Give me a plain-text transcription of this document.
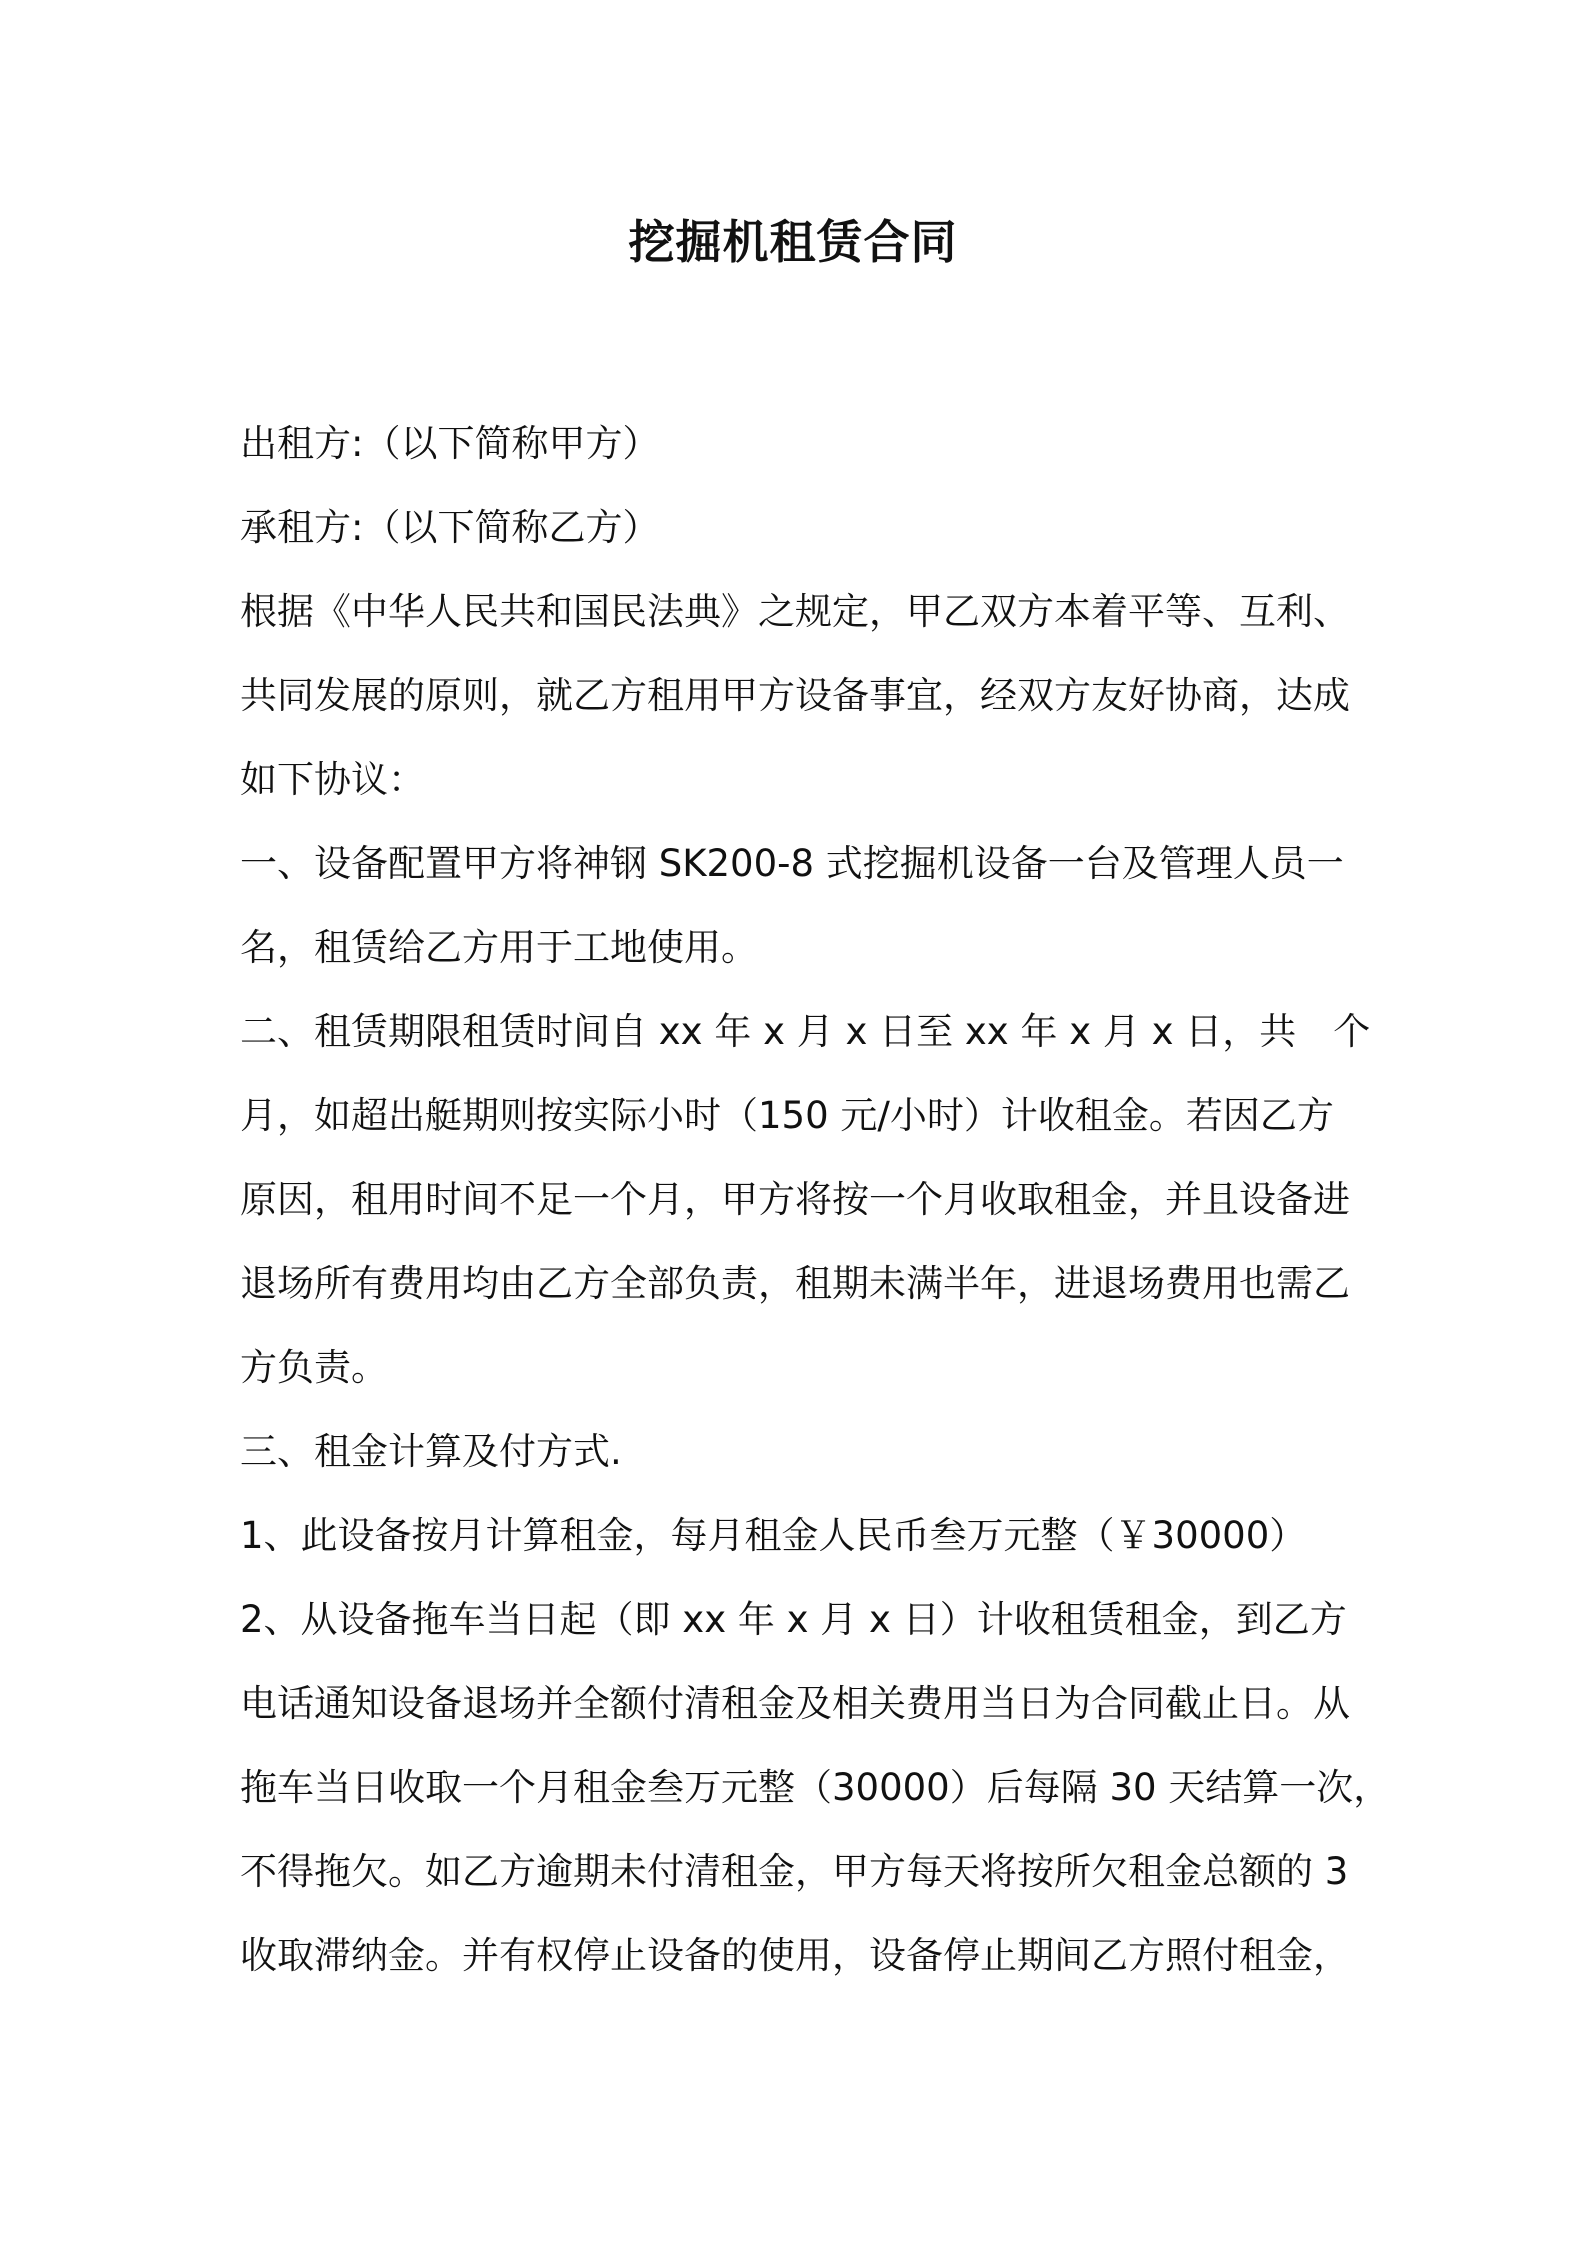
挖掘机租赁合同
出租方:（以下简称甲方）
承租方:（以下简称乙方）
根据《中华人民共和国民法典》之规定，甲乙双方本着平等、互利、
共同发展的原则，就乙方租用甲方设备事宜，经双方友好协商，达成
如下协议：
一、设备配置甲方将神钢 SK200-8 式挖掘机设备一台及管理人员一
名，租赁给乙方用于工地使用。
二、租赁期限租赁时间自 xx 年 x 月 x 日至 xx 年 x 月 x 日，共　个
月，如超出艇期则按实际小时（150 元/小时）计收租金。若因乙方
原因，租用时间不足一个月，甲方将按一个月收取租金，并且设备进
退场所有费用均由乙方全部负责，租期未满半年，进退场费用也需乙
方负责。
三、租金计算及付方式.
1、此设备按月计算租金，每月租金人民币叁万元整（￥30000）
2、从设备拖车当日起（即 xx 年 x 月 x 日）计收租赁租金，到乙方
电话通知设备退场并全额付清租金及相关费用当日为合同截止日。从
拖车当日收取一个月租金叁万元整（30000）后每隔 30 天结算一次，
不得拖欠。如乙方逾期未付清租金，甲方每天将按所欠租金总额的 3
收取滞纳金。并有权停止设备的使用，设备停止期间乙方照付租金，
